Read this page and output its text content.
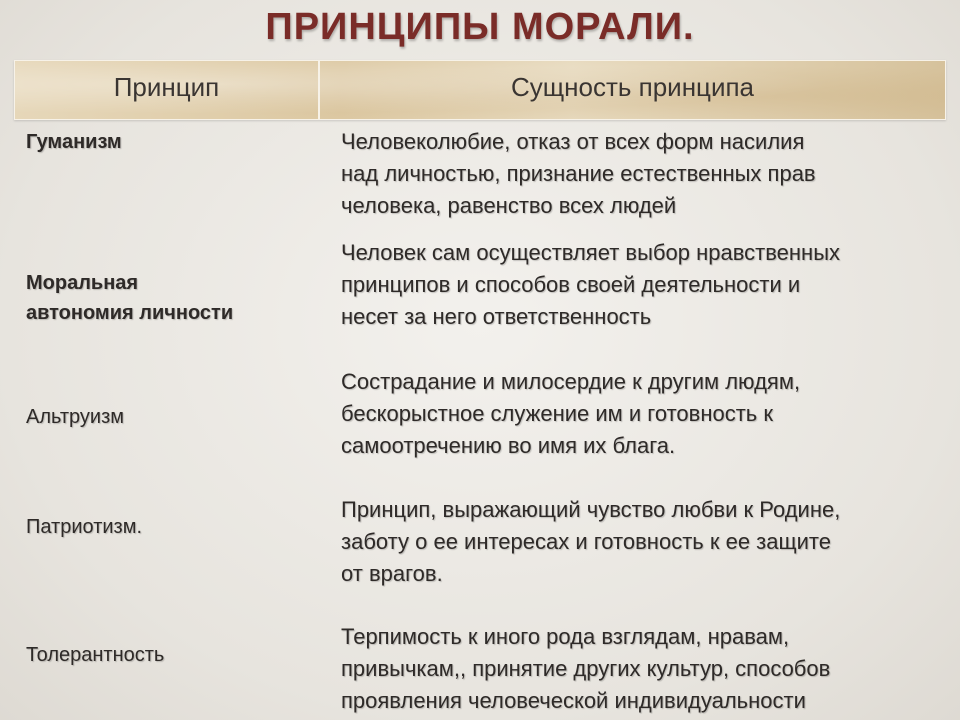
ПРИНЦИПЫ МОРАЛИ.
Принцип	Сущность принципа
Гуманизм	Человеколюбие, отказ от всех форм насилия
над личностью, признание естественных прав
человека, равенство всех людей
Моральная
автономия личности
Человек сам осуществляет выбор нравственных
принципов и способов своей деятельности и
несет за него ответственность
Альтруизм
Сострадание и милосердие к другим людям,
бескорыстное служение им и готовность к
самоотречению во имя их блага.
Патриотизм.
Принцип, выражающий чувство любви к Родине,
заботу о ее интересах и готовность к ее защите
от врагов.
Толерантность
Терпимость к иного рода взглядам, нравам,
привычкам,, принятие других культур, способов
проявления человеческой индивидуальности
